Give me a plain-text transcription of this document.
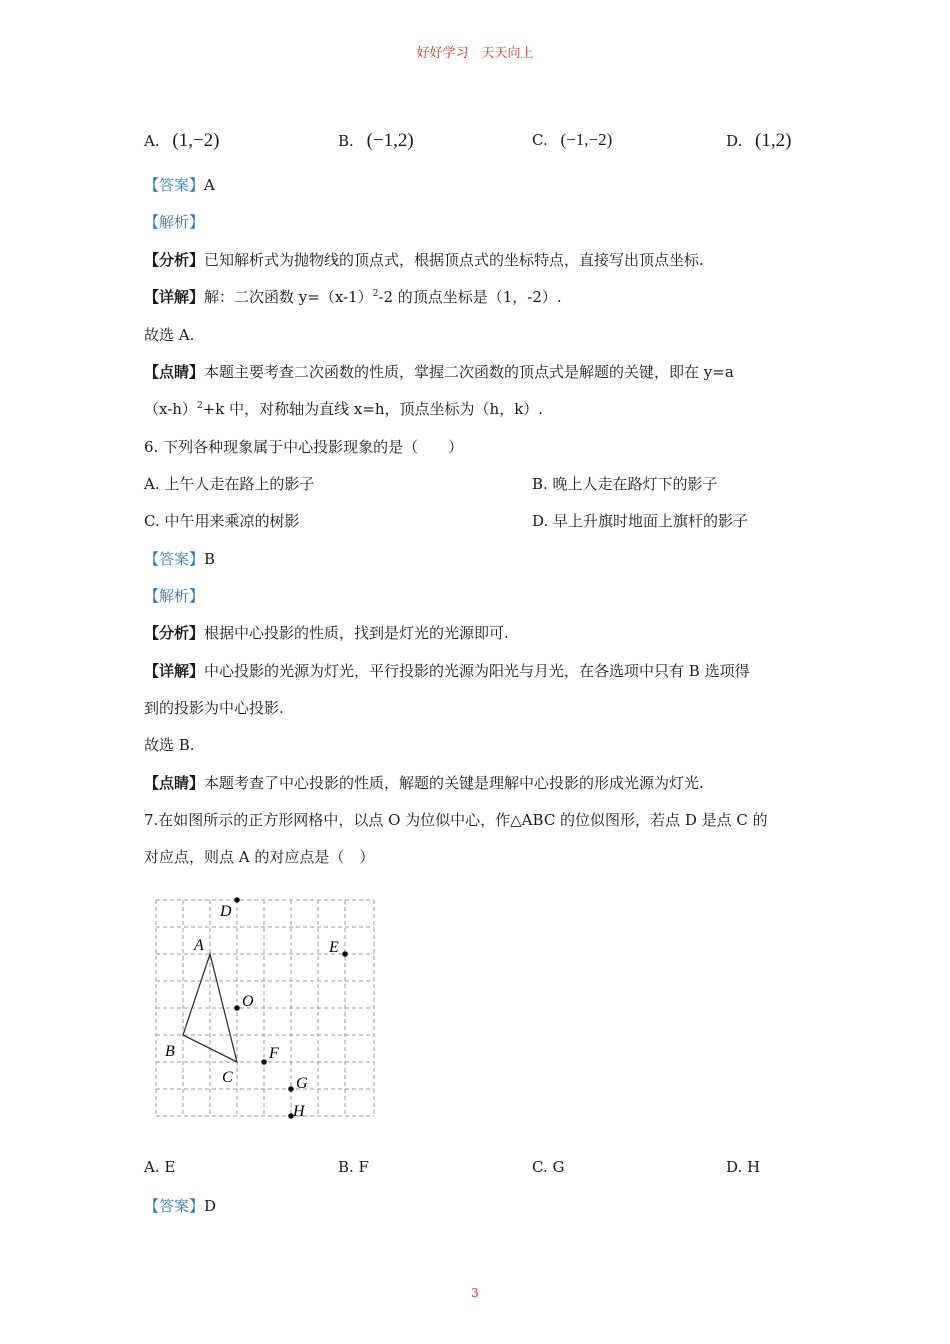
好好学习　天天向上
A. (1,−2)	B. (−1,2)	C. (−1,−2)	D. (1,2)
【答案】A
【解析】
【分析】已知解析式为抛物线的顶点式，根据顶点式的坐标特点，直接写出顶点坐标.
【详解】解：二次函数 $y=(x-1)^2-2$ 的顶点坐标是（1，-2）.
故选 A.
【点睛】本题主要考查二次函数的性质，掌握二次函数的顶点式是解题的关键，即在 y=a
$(x-h)^2+k$ 中，对称轴为直线 x=h，顶点坐标为（h，k）.
6. 下列各种现象属于中心投影现象的是（　　）
A. 上午人走在路上的影子	B. 晚上人走在路灯下的影子
C. 中午用来乘凉的树影	D. 早上升旗时地面上旗杆的影子
【答案】B
【解析】
【分析】根据中心投影的性质，找到是灯光的光源即可.
【详解】中心投影的光源为灯光，平行投影的光源为阳光与月光，在各选项中只有 B 选项得
到的投影为中心投影.
故选 B.
【点睛】本题考查了中心投影的性质，解题的关键是理解中心投影的形成光源为灯光.
7.在如图所示的正方形网格中，以点 O 为位似中心，作△ABC 的位似图形，若点 D 是点 C 的
对应点，则点 A 的对应点是（　）
D
A	E
O
B	F
C	G
H
A. E	B. F	C. G	D. H
【答案】D
3
